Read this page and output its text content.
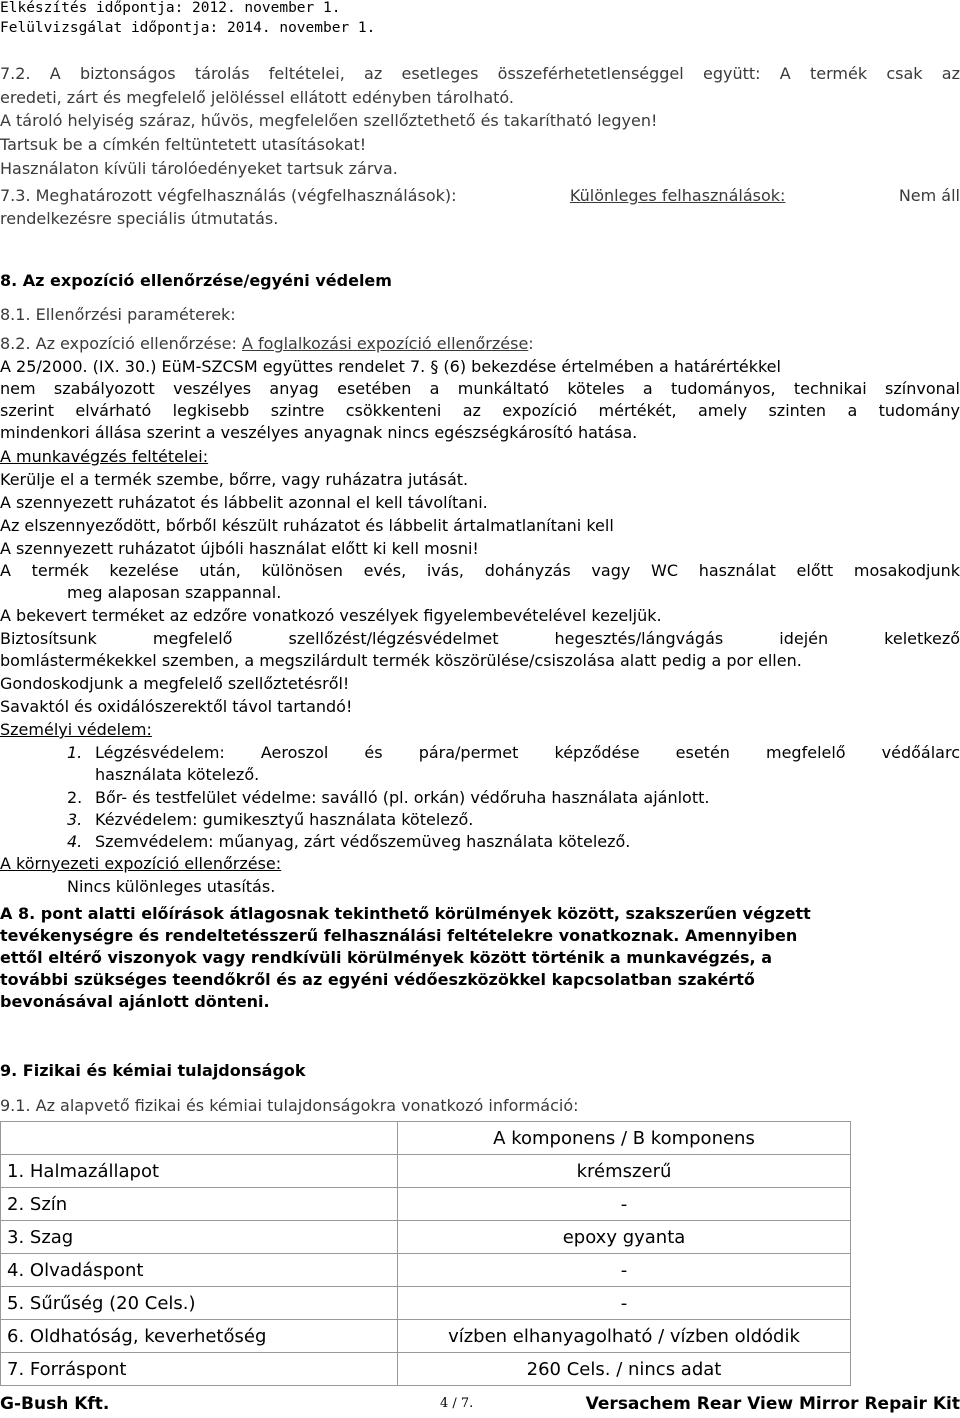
Elkészítés időpontja: 2012. november 1.
Felülvizsgálat időpontja: 2014. november 1.
7.2. A biztonságos tárolás feltételei, az esetleges összeférhetetlenséggel együtt: A termék csak az
eredeti, zárt és megfelelő jelöléssel ellátott edényben tárolható.
A tároló helyiség száraz, hűvös, megfelelően szellőztethető és takarítható legyen!
Tartsuk be a címkén feltüntetett utasításokat!
Használaton kívüli tárolóedényeket tartsuk zárva.
7.3. Meghatározott végfelhasználás (végfelhasználások):	Különleges felhasználások:	Nem áll
rendelkezésre speciális útmutatás.
8. Az expozíció ellenőrzése/egyéni védelem
8.1. Ellenőrzési paraméterek:
8.2. Az expozíció ellenőrzése: A foglalkozási expozíció ellenőrzése:
A 25/2000. (IX. 30.) EüM-SZCSM együttes rendelet 7. § (6) bekezdése értelmében a határértékkel
nem szabályozott veszélyes anyag esetében a munkáltató köteles a tudományos, technikai színvonal
szerint elvárható legkisebb szintre csökkenteni az expozíció mértékét, amely szinten a tudomány
mindenkori állása szerint a veszélyes anyagnak nincs egészségkárosító hatása.
A munkavégzés feltételei:
Kerülje el a termék szembe, bőrre, vagy ruházatra jutását.
A szennyezett ruházatot és lábbelit azonnal el kell távolítani.
Az elszennyeződött, bőrből készült ruházatot és lábbelit ártalmatlanítani kell
A szennyezett ruházatot újbóli használat előtt ki kell mosni!
A termék kezelése után, különösen evés, ivás, dohányzás vagy WC használat előtt mosakodjunk
meg alaposan szappannal.
A bekevert terméket az edzőre vonatkozó veszélyek figyelembevételével kezeljük.
Biztosítsunk megfelelő szellőzést/légzésvédelmet hegesztés/lángvágás idején keletkező
bomlástermékekkel szemben, a megszilárdult termék köszörülése/csiszolása alatt pedig a por ellen.
Gondoskodjunk a megfelelő szellőztetésről!
Savaktól és oxidálószerektől távol tartandó!
Személyi védelem:
1. Légzésvédelem: Aeroszol és pára/permet képződése esetén megfelelő védőálarc
használata kötelező.
2. Bőr- és testfelület védelme: saválló (pl. orkán) védőruha használata ajánlott.
3. Kézvédelem: gumikesztyű használata kötelező.
4. Szemvédelem: műanyag, zárt védőszemüveg használata kötelező.
A környezeti expozíció ellenőrzése:
Nincs különleges utasítás.
A 8. pont alatti előírások átlagosnak tekinthető körülmények között, szakszerűen végzett
tevékenységre és rendeltetésszerű felhasználási feltételekre vonatkoznak. Amennyiben
ettől eltérő viszonyok vagy rendkívüli körülmények között történik a munkavégzés, a
további szükséges teendőkről és az egyéni védőeszközökkel kapcsolatban szakértő
bevonásával ajánlott dönteni.
9. Fizikai és kémiai tulajdonságok
9.1. Az alapvető fizikai és kémiai tulajdonságokra vonatkozó információ:
	A komponens / B komponens
1. Halmazállapot	krémszerű
2. Szín	-
3. Szag	epoxy gyanta
4. Olvadáspont	-
5. Sűrűség (20 Cels.)	-
6. Oldhatóság, keverhetőség	vízben elhanyagolható / vízben oldódik
7. Forráspont	260 Cels. / nincs adat
G-Bush Kft.	4 / 7.	Versachem Rear View Mirror Repair Kit
